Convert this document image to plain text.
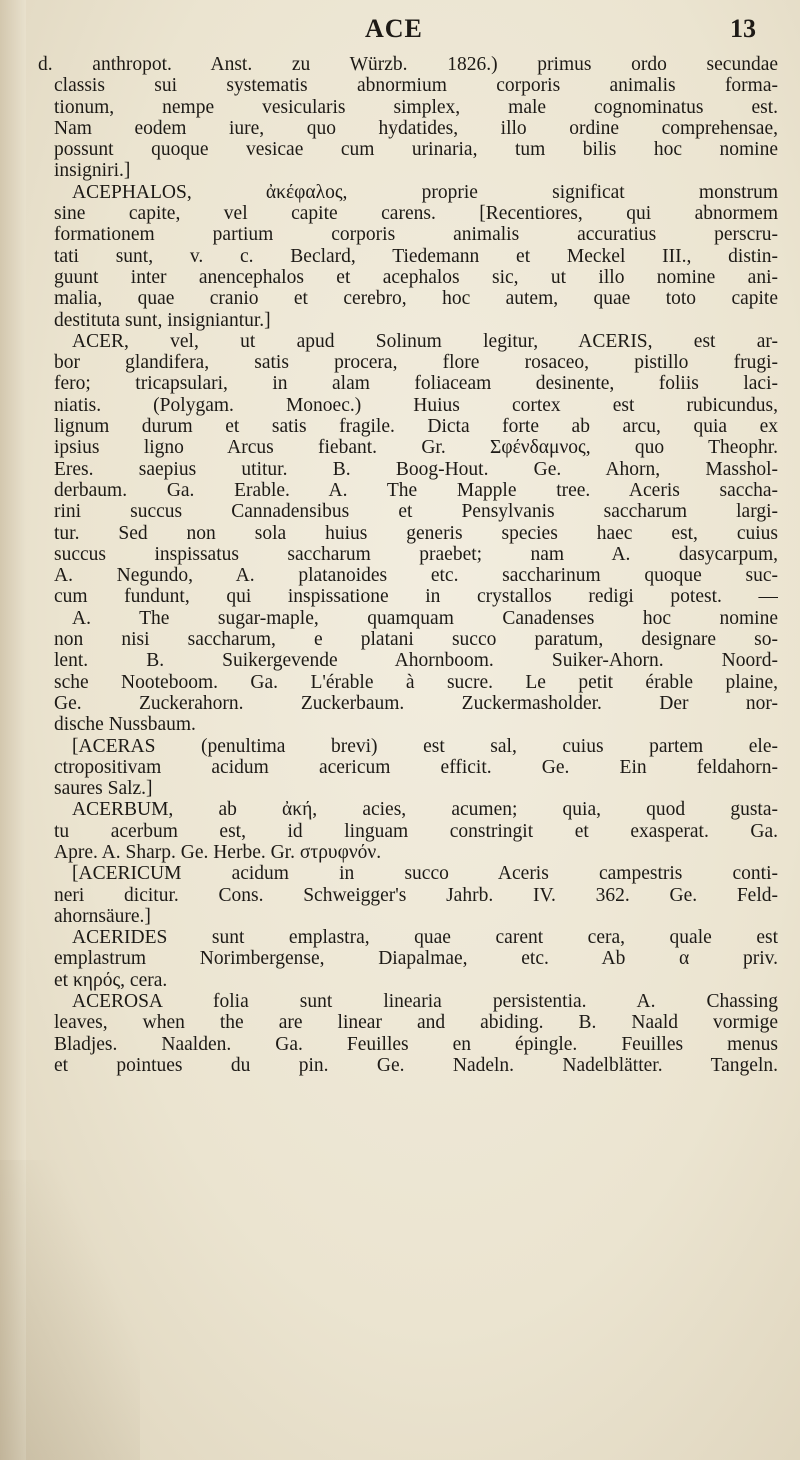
ACE	13
d. anthropot. Anst. zu Würzb. 1826.) primus ordo secundae
classis sui systematis abnormium corporis animalis forma-
tionum, nempe vesicularis simplex, male cognominatus est.
Nam eodem iure, quo hydatides, illo ordine comprehensae,
possunt quoque vesicae cum urinaria, tum bilis hoc nomine
insigniri.]
ACEPHALOS, ἀκέφαλος, proprie significat monstrum
sine capite, vel capite carens. [Recentiores, qui abnormem
formationem partium corporis animalis accuratius perscru-
tati sunt, v. c. Beclard, Tiedemann et Meckel III., distin-
guunt inter anencephalos et acephalos sic, ut illo nomine ani-
malia, quae cranio et cerebro, hoc autem, quae toto capite
destituta sunt, insigniantur.]
ACER, vel, ut apud Solinum legitur, ACERIS, est ar-
bor glandifera, satis procera, flore rosaceo, pistillo frugi-
fero; tricapsulari, in alam foliaceam desinente, foliis laci-
niatis. (Polygam. Monoec.) Huius cortex est rubicundus,
lignum durum et satis fragile. Dicta forte ab arcu, quia ex
ipsius ligno Arcus fiebant. Gr. Σφένδαμνος, quo Theophr.
Eres. saepius utitur. B. Boog-Hout. Ge. Ahorn, Masshol-
derbaum. Ga. Erable. A. The Mapple tree. Aceris saccha-
rini succus Cannadensibus et Pensylvanis saccharum largi-
tur. Sed non sola huius generis species haec est, cuius
succus inspissatus saccharum praebet; nam A. dasycarpum,
A. Negundo, A. platanoides etc. saccharinum quoque suc-
cum fundunt, qui inspissatione in crystallos redigi potest. —
A. The sugar-maple, quamquam Canadenses hoc nomine
non nisi saccharum, e platani succo paratum, designare so-
lent. B. Suikergevende Ahornboom. Suiker-Ahorn. Noord-
sche Nooteboom. Ga. L'érable à sucre. Le petit érable plaine,
Ge. Zuckerahorn. Zuckerbaum. Zuckermasholder. Der nor-
dische Nussbaum.
[ACERAS (penultima brevi) est sal, cuius partem ele-
ctropositivam acidum acericum efficit. Ge. Ein feldahorn-
saures Salz.]
ACERBUM, ab ἀκή, acies, acumen; quia, quod gusta-
tu acerbum est, id linguam constringit et exasperat. Ga.
Apre. A. Sharp. Ge. Herbe. Gr. στρυφνόν.
[ACERICUM acidum in succo Aceris campestris conti-
neri dicitur. Cons. Schweigger's Jahrb. IV. 362. Ge. Feld-
ahornsäure.]
ACERIDES sunt emplastra, quae carent cera, quale est
emplastrum Norimbergense, Diapalmae, etc. Ab α priv.
et κηρός, cera.
ACEROSA folia sunt linearia persistentia. A. Chassing
leaves, when the are linear and abiding. B. Naald vormige
Bladjes. Naalden. Ga. Feuilles en épingle. Feuilles menus
et pointues du pin. Ge. Nadeln. Nadelblätter. Tangeln.
